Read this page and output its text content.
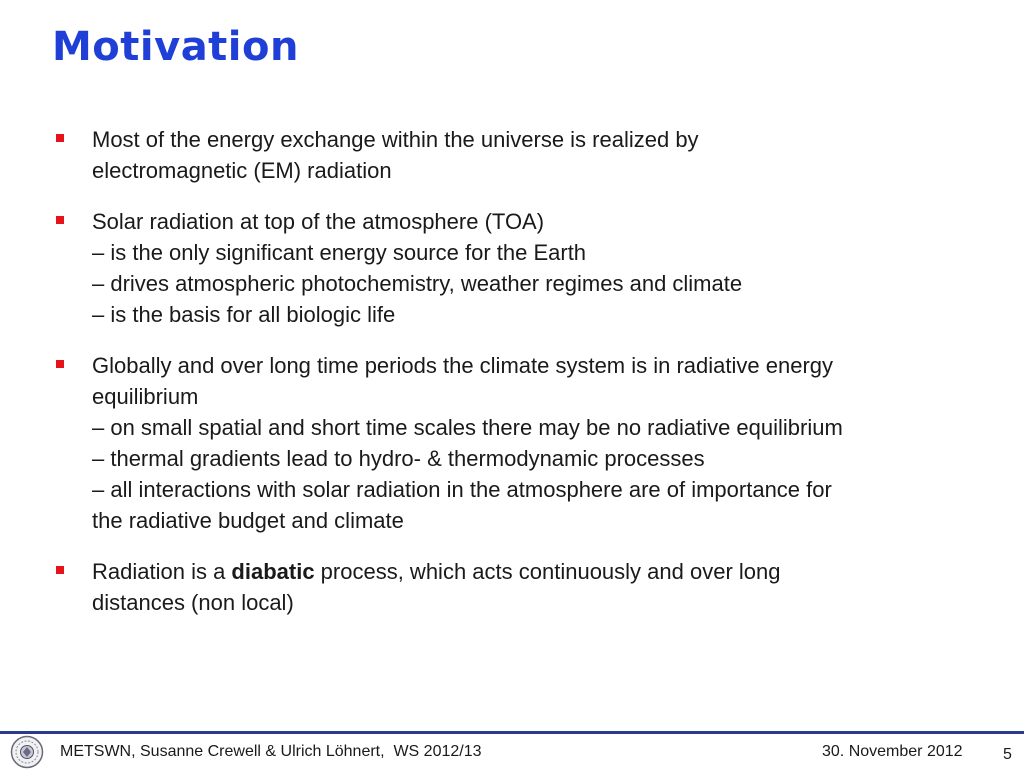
Motivation
Most of the energy exchange within the universe is realized by
electromagnetic (EM) radiation
Solar radiation at top of the atmosphere (TOA)
– is the only significant energy source for the Earth
– drives atmospheric photochemistry, weather regimes and climate
– is the basis for all biologic life
Globally and over long time periods the climate system is in radiative energy
equilibrium
– on small spatial and short time scales there may be no radiative equilibrium
– thermal gradients lead to hydro- & thermodynamic processes
– all interactions with solar radiation in the atmosphere are of importance for
the radiative budget and climate
Radiation is a diabatic process, which acts continuously and over long
distances (non local)
METSWN, Susanne Crewell & Ulrich Löhnert,  WS 2012/13	30. November 2012	5
